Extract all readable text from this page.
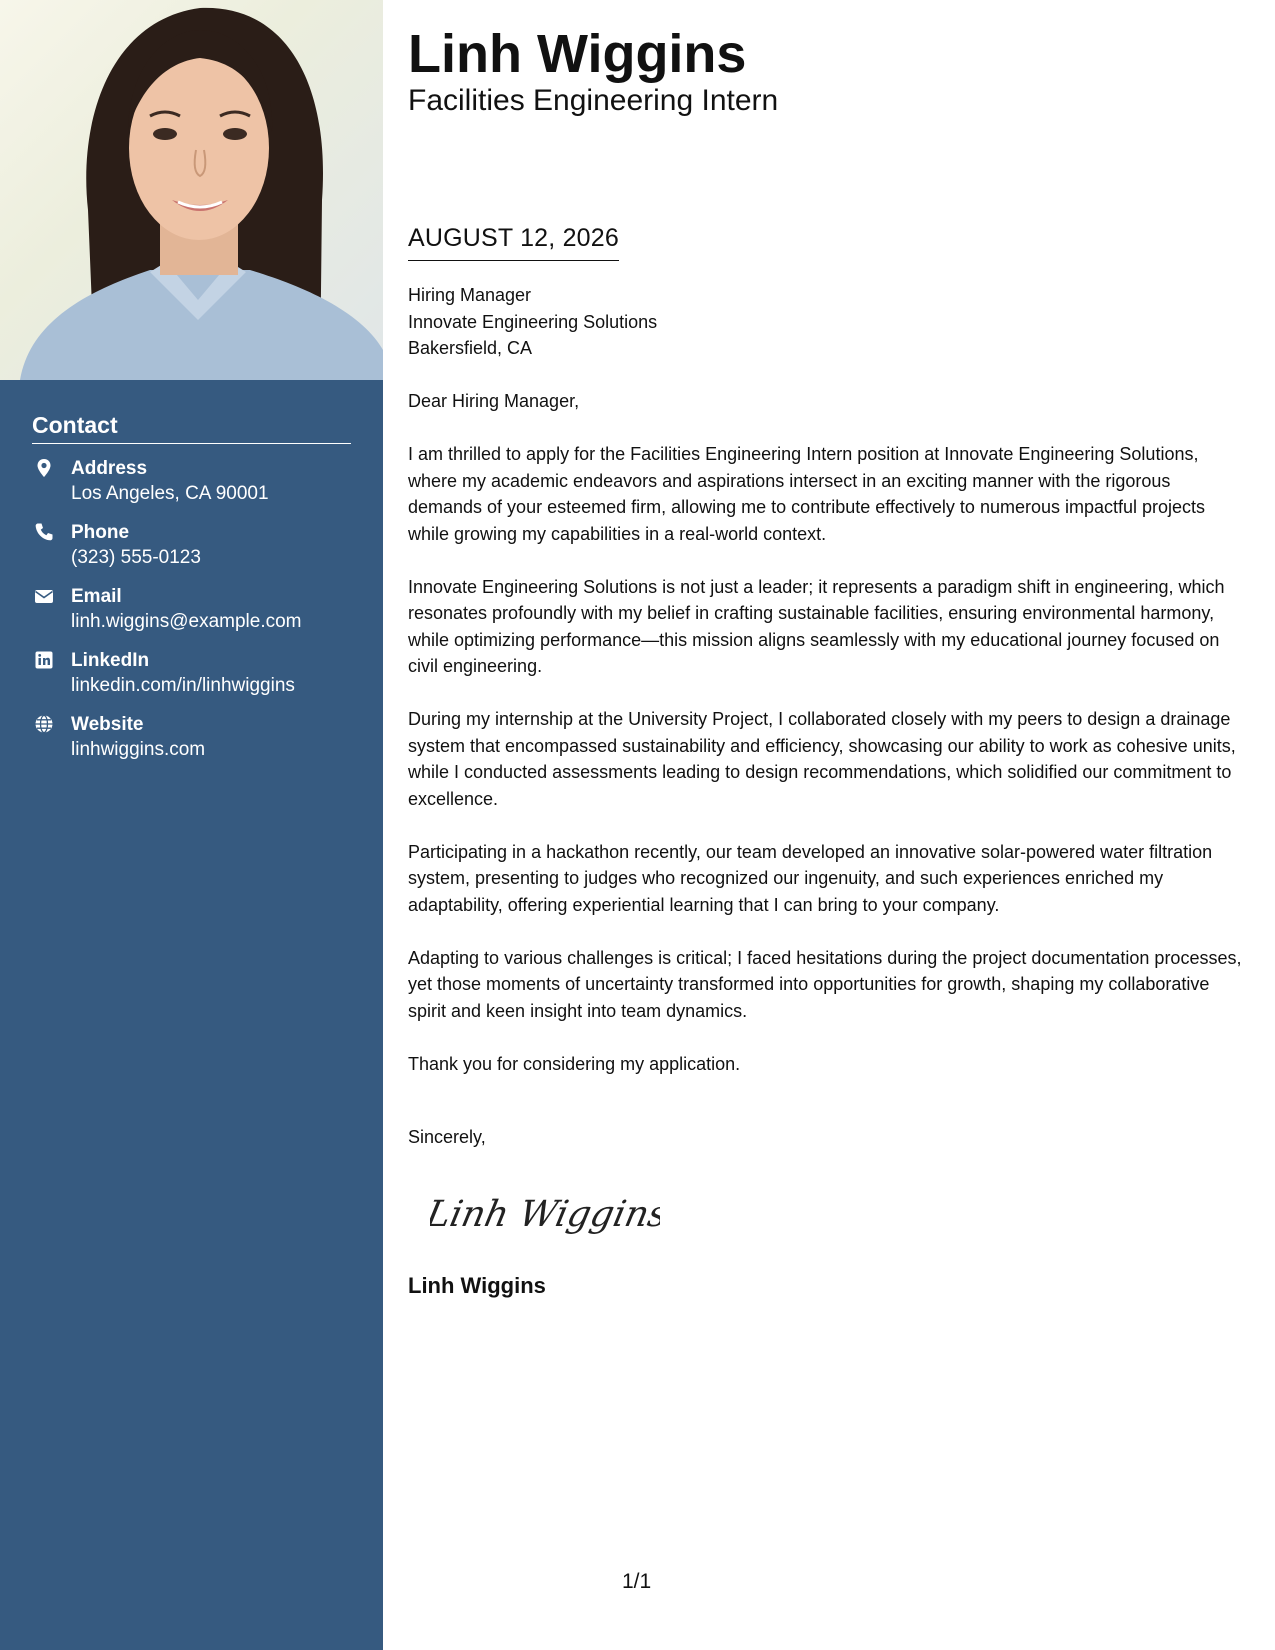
Contact
Address
Los Angeles, CA 90001
Phone
(323) 555-0123
Email
linh.wiggins@example.com
LinkedIn
linkedin.com/in/linhwiggins
Website
linhwiggins.com
Linh Wiggins
Facilities Engineering Intern
AUGUST 12, 2026
Hiring Manager
Innovate Engineering Solutions
Bakersfield, CA

Dear Hiring Manager,

I am thrilled to apply for the Facilities Engineering Intern position at Innovate Engineering Solutions, where my academic endeavors and aspirations intersect in an exciting manner with the rigorous demands of your esteemed firm, allowing me to contribute effectively to numerous impactful projects while growing my capabilities in a real-world context.

Innovate Engineering Solutions is not just a leader; it represents a paradigm shift in engineering, which resonates profoundly with my belief in crafting sustainable facilities, ensuring environmental harmony, while optimizing performance—this mission aligns seamlessly with my educational journey focused on civil engineering.

During my internship at the University Project, I collaborated closely with my peers to design a drainage system that encompassed sustainability and efficiency, showcasing our ability to work as cohesive units, while I conducted assessments leading to design recommendations, which solidified our commitment to excellence.

Participating in a hackathon recently, our team developed an innovative solar-powered water filtration system, presenting to judges who recognized our ingenuity, and such experiences enriched my adaptability, offering experiential learning that I can bring to your company.

Adapting to various challenges is critical; I faced hesitations during the project documentation processes, yet those moments of uncertainty transformed into opportunities for growth, shaping my collaborative spirit and keen insight into team dynamics.

Thank you for considering my application.

Sincerely,
Linh Wiggins
Linh Wiggins
1/1
